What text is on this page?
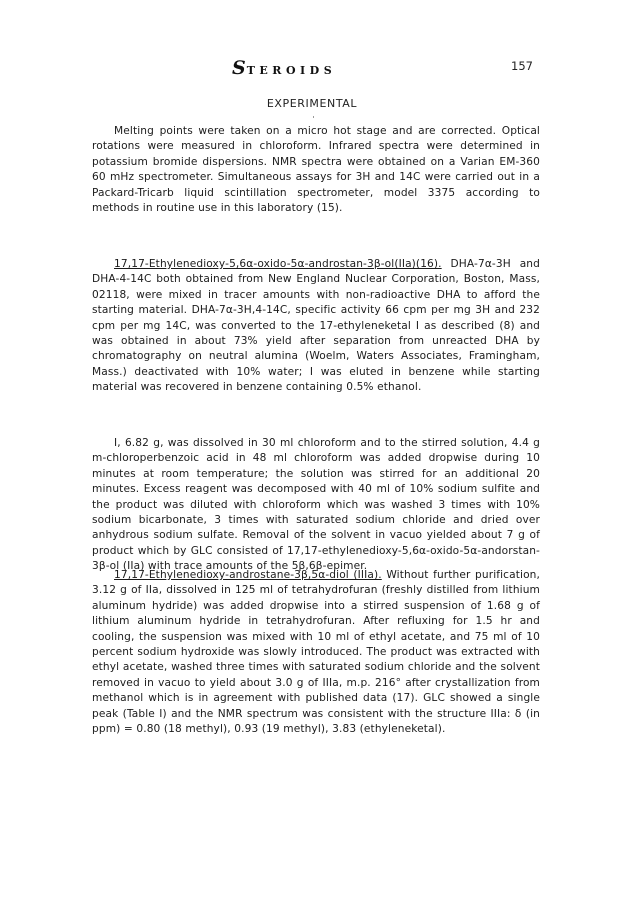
STEROIDS	157
EXPERIMENTAL

Melting points were taken on a micro hot stage and are corrected. Optical rotations were measured in chloroform. Infrared spectra were determined in potassium bromide dispersions. NMR spectra were obtained on a Varian EM-360 60 mHz spectrometer. Simultaneous assays for 3H and 14C were carried out in a Packard-Tricarb liquid scintillation spectrometer, model 3375 according to methods in routine use in this laboratory (15).

17,17-Ethylenedioxy-5,6α-oxido-5α-androstan-3β-ol(IIa)(16). DHA-7α-3H and DHA-4-14C both obtained from New England Nuclear Corporation, Boston, Mass, 02118, were mixed in tracer amounts with non-radioactive DHA to afford the starting material. DHA-7α-3H,4-14C, specific activity 66 cpm per mg 3H and 232 cpm per mg 14C, was converted to the 17-ethyleneketal I as described (8) and was obtained in about 73% yield after separation from unreacted DHA by chromatography on neutral alumina (Woelm, Waters Associates, Framingham, Mass.) deactivated with 10% water; I was eluted in benzene while starting material was recovered in benzene containing 0.5% ethanol.

I, 6.82 g, was dissolved in 30 ml chloroform and to the stirred solution, 4.4 g m-chloroperbenzoic acid in 48 ml chloroform was added dropwise during 10 minutes at room temperature; the solution was stirred for an additional 20 minutes. Excess reagent was decomposed with 40 ml of 10% sodium sulfite and the product was diluted with chloroform which was washed 3 times with 10% sodium bicarbonate, 3 times with saturated sodium chloride and dried over anhydrous sodium sulfate. Removal of the solvent in vacuo yielded about 7 g of product which by GLC consisted of 17,17-ethylenedioxy-5,6α-oxido-5α-andorstan-3β-ol (IIa) with trace amounts of the 5β,6β-epimer.

17,17-Ethylenedioxy-androstane-3β,5α-diol (IIIa). Without further purification, 3.12 g of IIa, dissolved in 125 ml of tetrahydrofuran (freshly distilled from lithium aluminum hydride) was added dropwise into a stirred suspension of 1.68 g of lithium aluminum hydride in tetrahydrofuran. After refluxing for 1.5 hr and cooling, the suspension was mixed with 10 ml of ethyl acetate, and 75 ml of 10 percent sodium hydroxide was slowly introduced. The product was extracted with ethyl acetate, washed three times with saturated sodium chloride and the solvent removed in vacuo to yield about 3.0 g of IIIa, m.p. 216° after crystallization from methanol which is in agreement with published data (17). GLC showed a single peak (Table I) and the NMR spectrum was consistent with the structure IIIa: δ (in ppm) = 0.80 (18 methyl), 0.93 (19 methyl), 3.83 (ethyleneketal).
